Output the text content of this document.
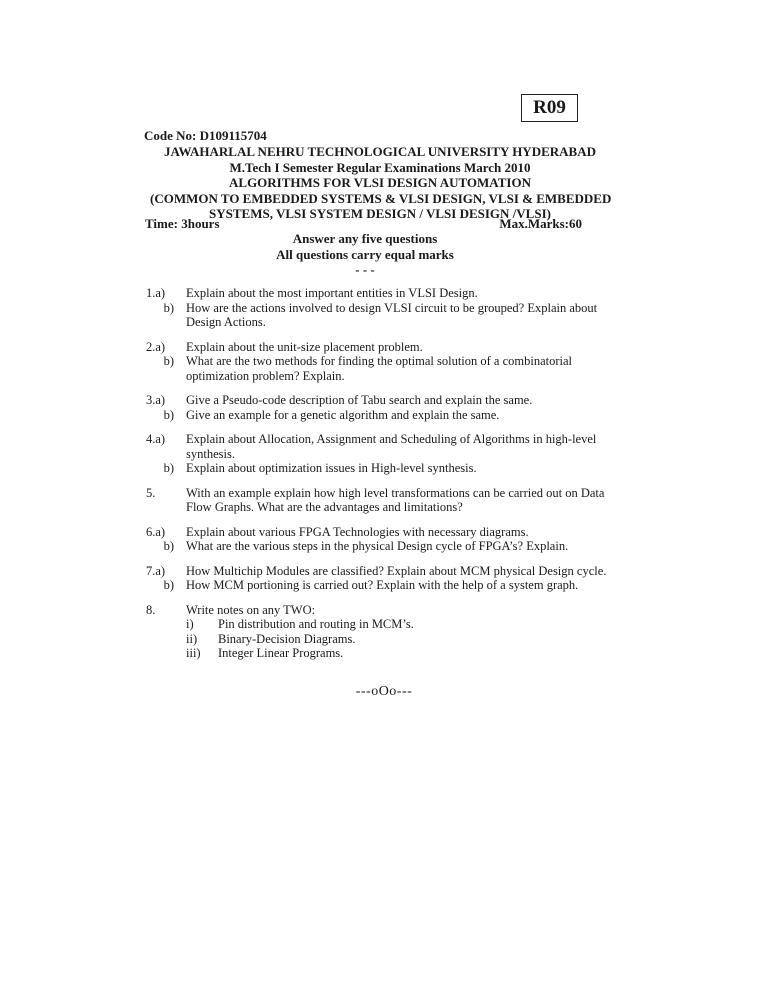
R09
Code No: D109115704
JAWAHARLAL NEHRU TECHNOLOGICAL UNIVERSITY HYDERABAD
M.Tech I Semester Regular Examinations March 2010
ALGORITHMS FOR VLSI DESIGN AUTOMATION
(COMMON TO EMBEDDED SYSTEMS & VLSI DESIGN, VLSI & EMBEDDED
SYSTEMS, VLSI SYSTEM DESIGN / VLSI DESIGN /VLSI)
Time: 3hours	Max.Marks:60
Answer any five questions
All questions carry equal marks
- - -
1.a)	Explain about the most important entities in VLSI Design.
b) How are the actions involved to design VLSI circuit to be grouped? Explain about Design Actions.
2.a)	Explain about the unit-size placement problem.
b) What are the two methods for finding the optimal solution of a combinatorial optimization problem? Explain.
3.a)	Give a Pseudo-code description of Tabu search and explain the same.
b) Give an example for a genetic algorithm and explain the same.
4.a)	Explain about Allocation, Assignment and Scheduling of Algorithms in high-level synthesis.
b) Explain about optimization issues in High-level synthesis.
5.	With an example explain how high level transformations can be carried out on Data Flow Graphs. What are the advantages and limitations?
6.a)	Explain about various FPGA Technologies with necessary diagrams.
b) What are the various steps in the physical Design cycle of FPGA’s? Explain.
7.a)	How Multichip Modules are classified? Explain about MCM physical Design cycle.
b) How MCM portioning is carried out? Explain with the help of a system graph.
8.	Write notes on any TWO:
i)	Pin distribution and routing in MCM’s.
ii)	Binary-Decision Diagrams.
iii)	Integer Linear Programs.
---oOo---
